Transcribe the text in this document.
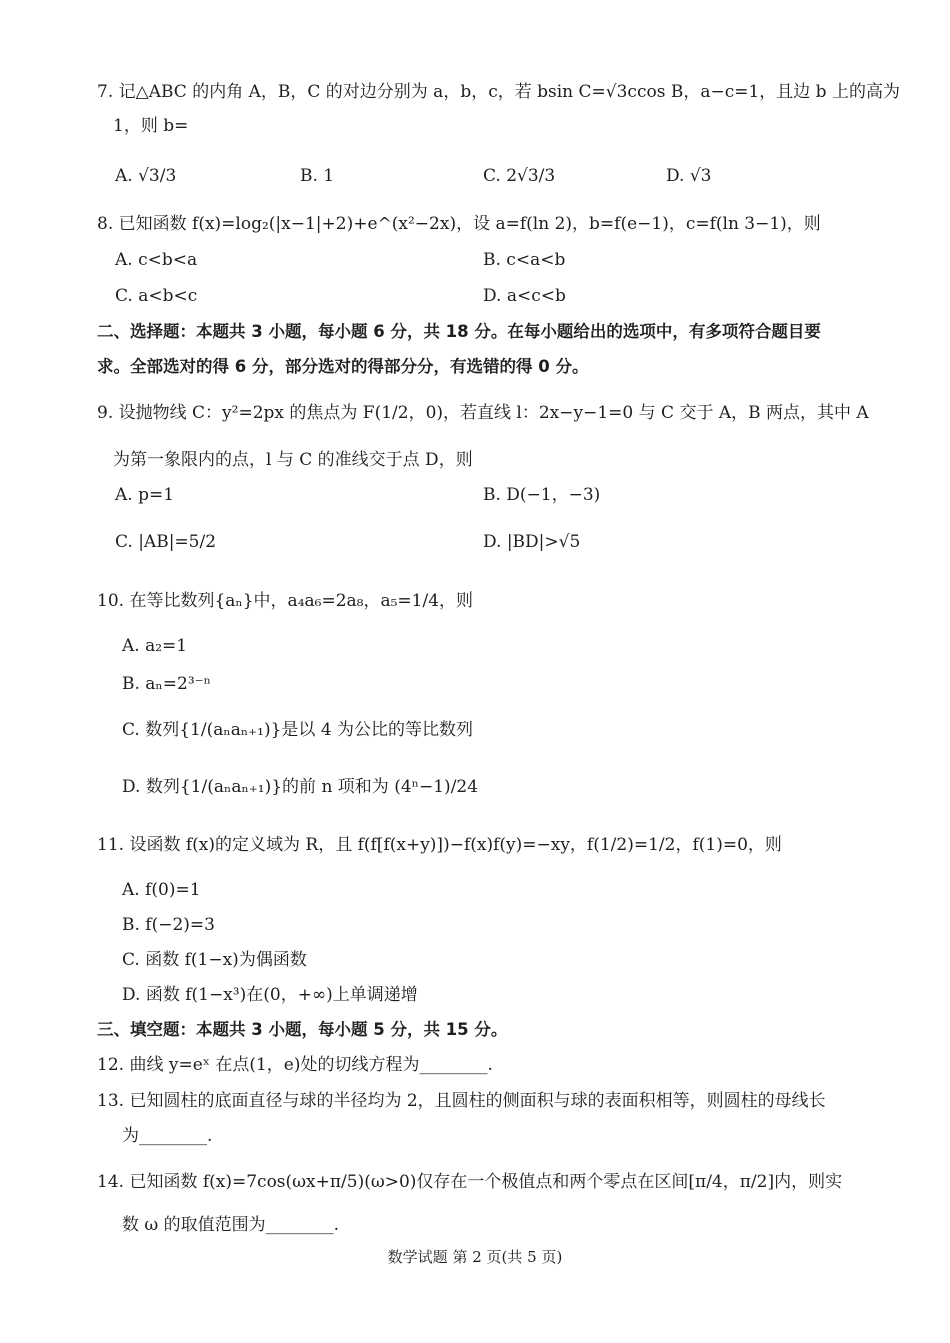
7. 记△ABC 的内角 A，B，C 的对边分别为 a，b，c，若 bsin C=√3ccos B，a−c=1，且边 b 上的高为
1，则 b=
A. √3/3	B. 1	C. 2√3/3	D. √3
8. 已知函数 f(x)=log₂(|x−1|+2)+e^(x²−2x)，设 a=f(ln 2)，b=f(e−1)，c=f(ln 3−1)，则
A. c<b<a	B. c<a<b
C. a<b<c	D. a<c<b
二、选择题：本题共 3 小题，每小题 6 分，共 18 分。在每小题给出的选项中，有多项符合题目要
求。全部选对的得 6 分，部分选对的得部分分，有选错的得 0 分。
9. 设抛物线 C：y²=2px 的焦点为 F(1/2，0)，若直线 l：2x−y−1=0 与 C 交于 A，B 两点，其中 A
为第一象限内的点，l 与 C 的准线交于点 D，则
A. p=1	B. D(−1，−3)
C. |AB|=5/2	D. |BD|>√5
10. 在等比数列{aₙ}中，a₄a₆=2a₈，a₅=1/4，则
A. a₂=1
B. aₙ=2³⁻ⁿ
C. 数列{1/(aₙaₙ₊₁)}是以 4 为公比的等比数列
D. 数列{1/(aₙaₙ₊₁)}的前 n 项和为 (4ⁿ−1)/24
11. 设函数 f(x)的定义域为 R，且 f(f[f(x+y)])−f(x)f(y)=−xy，f(1/2)=1/2，f(1)=0，则
A. f(0)=1
B. f(−2)=3
C. 函数 f(1−x)为偶函数
D. 函数 f(1−x³)在(0，+∞)上单调递增
三、填空题：本题共 3 小题，每小题 5 分，共 15 分。
12. 曲线 y=eˣ 在点(1，e)处的切线方程为________.
13. 已知圆柱的底面直径与球的半径均为 2，且圆柱的侧面积与球的表面积相等，则圆柱的母线长
为________.
14. 已知函数 f(x)=7cos(ωx+π/5)(ω>0)仅存在一个极值点和两个零点在区间[π/4，π/2]内，则实
数 ω 的取值范围为________.
数学试题 第 2 页(共 5 页)
